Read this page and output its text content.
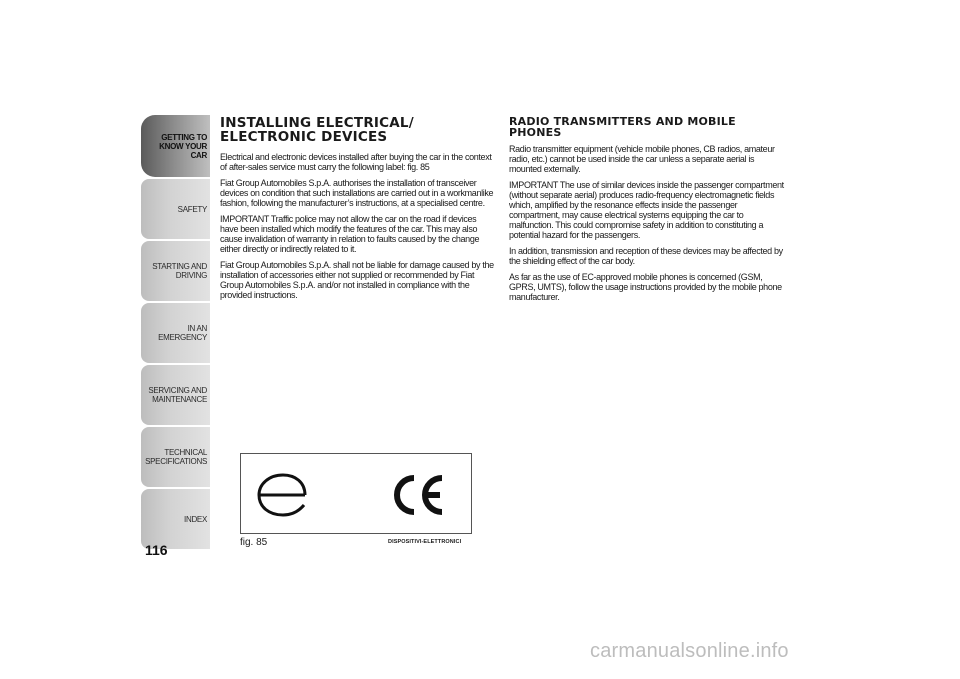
GETTING TO
KNOW YOUR CAR
SAFETY
STARTING AND
DRIVING
IN AN EMERGENCY
SERVICING AND
MAINTENANCE
TECHNICAL
SPECIFICATIONS
INDEX
116
INSTALLING ELECTRICAL/ ELECTRONIC DEVICES

Electrical and electronic devices installed after buying the car in the context of after-sales service must carry the following label: fig. 85

Fiat Group Automobiles S.p.A. authorises the installation of transceiver devices on condition that such installations are carried out in a workmanlike fashion, following the manufacturer’s instructions, at a specialised centre.

IMPORTANT Traffic police may not allow the car on the road if devices have been installed which modify the features of the car. This may also cause invalidation of warranty in relation to faults caused by the change either directly or indirectly related to it.

Fiat Group Automobiles S.p.A. shall not be liable for damage caused by the installation of accessories either not supplied or recommended by Fiat Group Automobiles S.p.A. and/or not installed in compliance with the provided instructions.

RADIO TRANSMITTERS AND MOBILE PHONES

Radio transmitter equipment (vehicle mobile phones, CB radios, amateur radio, etc.) cannot be used inside the car unless a separate aerial is mounted externally.

IMPORTANT The use of similar devices inside the passenger compartment (without separate aerial) produces radio-frequency electromagnetic fields which, amplified by the resonance effects inside the passenger compartment, may cause electrical systems equipping the car to malfunction. This could compromise safety in addition to constituting a potential hazard for the passengers.

In addition, transmission and reception of these devices may be affected by the shielding effect of the car body.

As far as the use of EC-approved mobile phones is concerned (GSM, GPRS, UMTS), follow the usage instructions provided by the mobile phone manufacturer.

fig. 85	DISPOSITIVI-ELETTRONICI
carmanualsonline.info
